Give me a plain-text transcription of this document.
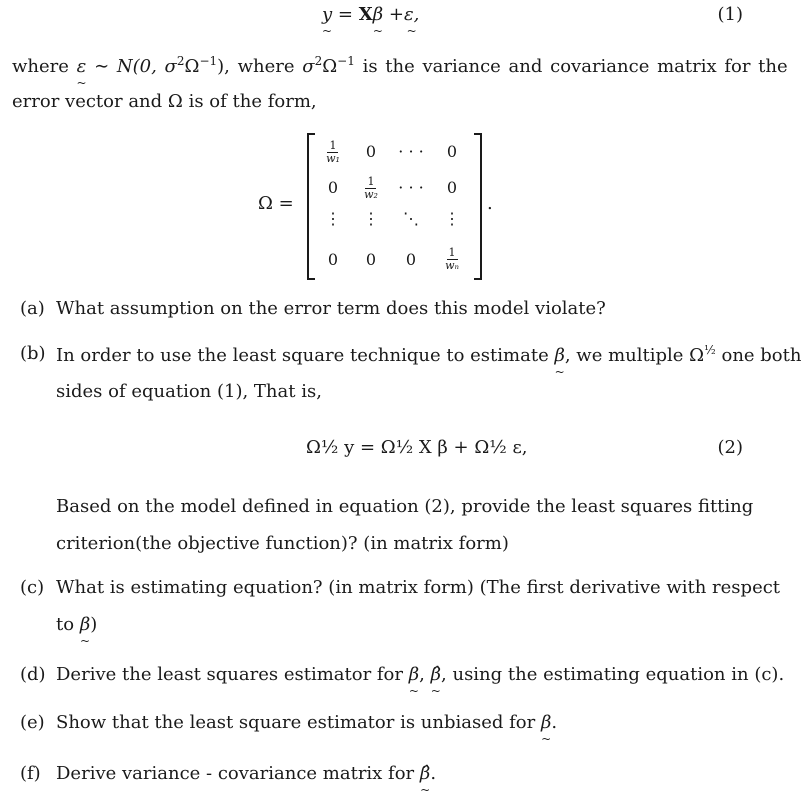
y ~ = Xβ ~ +ε, ~	(1)
where ε ~ ∼ N(0, $\sigma^2\Omega^{-1}$), where $\sigma^2\Omega^{-1}$ is the variance and covariance matrix for the
error vector and Ω is of the form,
Ω =
$\frac{1}{\text{w₁}}$	0	· · ·	0
0	$\frac{1}{\text{w₂}}$	· · ·	0
⋮	⋮	⋱	⋮
0	0	0	$\frac{1}{\text{wₙ}}$
.
(a) What assumption on the error term does this model violate?
(b) In order to use the least square technique to estimate β ~, we multiple $\Omega^{\frac{1}{2}}$ one both
sides of equation (1), That is,
Ω½ y = Ω½ X β + Ω½ ε,	(2)
Based on the model defined in equation (2), provide the least squares fitting
criterion(the objective function)? (in matrix form)
(c) What is estimating equation? (in matrix form) (The first derivative with respect
to β ~)
(d) Derive the least squares estimator for β ~, β̂ ~, using the estimating equation in (c).
(e) Show that the least square estimator is unbiased for β ~.
(f) Derive variance - covariance matrix for β̂ ~.
